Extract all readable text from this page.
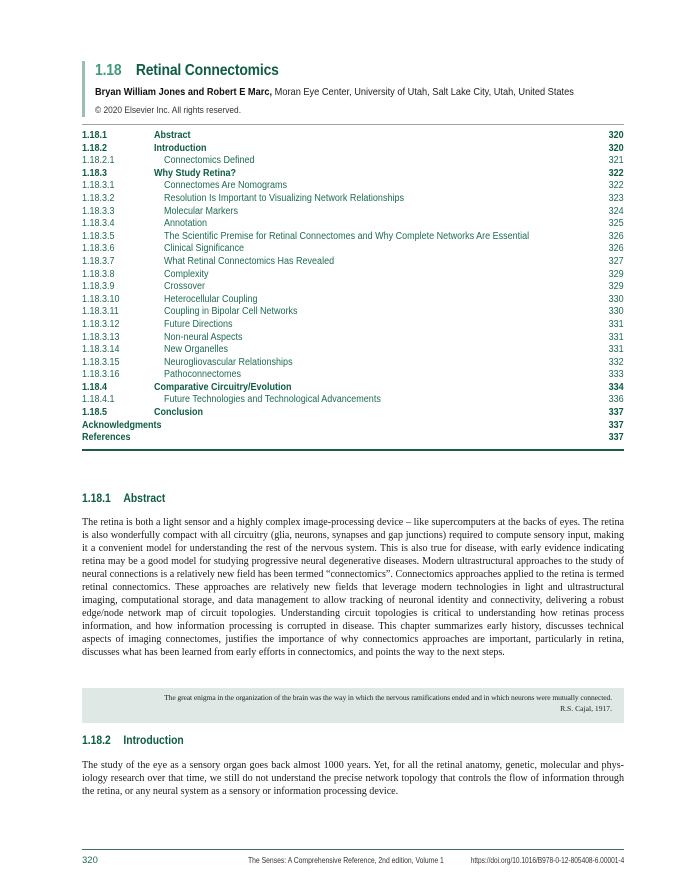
1.18 Retinal Connectomics
Bryan William Jones and Robert E Marc, Moran Eye Center, University of Utah, Salt Lake City, Utah, United States
© 2020 Elsevier Inc. All rights reserved.
1.18.1	Abstract	320
1.18.2	Introduction	320
1.18.2.1	Connectomics Defined	321
1.18.3	Why Study Retina?	322
1.18.3.1	Connectomes Are Nomograms	322
1.18.3.2	Resolution Is Important to Visualizing Network Relationships	323
1.18.3.3	Molecular Markers	324
1.18.3.4	Annotation	325
1.18.3.5	The Scientific Premise for Retinal Connectomes and Why Complete Networks Are Essential	326
1.18.3.6	Clinical Significance	326
1.18.3.7	What Retinal Connectomics Has Revealed	327
1.18.3.8	Complexity	329
1.18.3.9	Crossover	329
1.18.3.10	Heterocellular Coupling	330
1.18.3.11	Coupling in Bipolar Cell Networks	330
1.18.3.12	Future Directions	331
1.18.3.13	Non-neural Aspects	331
1.18.3.14	New Organelles	331
1.18.3.15	Neurogliovascular Relationships	332
1.18.3.16	Pathoconnectomes	333
1.18.4	Comparative Circuitry/Evolution	334
1.18.4.1	Future Technologies and Technological Advancements	336
1.18.5	Conclusion	337
Acknowledgments	337
References	337
1.18.1 Abstract
The retina is both a light sensor and a highly complex image-processing device – like supercomputers at the backs of eyes. The retina is also wonderfully compact with all circuitry (glia, neurons, synapses and gap junctions) required to compute sensory input, making it a convenient model for understanding the rest of the nervous system. This is also true for disease, with early evidence indicating retina may be a good model for studying progressive neural degenerative diseases. Modern ultrastructural approaches to the study of neural connections is a relatively new field has been termed “connectomics”. Connectomics approaches applied to the retina is termed retinal connectomics. These approaches are relatively new fields that leverage modern technologies in light and ultrastructural imaging, computational storage, and data management to allow tracking of neuronal identity and connectivity, delivering a robust edge/node network map of circuit topologies. Understanding circuit topologies is critical to understanding how retinas process information, and how information processing is corrupted in disease. This chapter summarizes early history, discusses technical aspects of imaging connectomes, justifies the importance of why connectomics approaches are important, particularly in retina, discusses what has been learned from early efforts in connectomics, and points the way to the next steps.
The great enigma in the organization of the brain was the way in which the nervous ramifications ended and in which neurons were mutually connected.
R.S. Cajal, 1917.
1.18.2 Introduction
The study of the eye as a sensory organ goes back almost 1000 years. Yet, for all the retinal anatomy, genetic, molecular and physiology research over that time, we still do not understand the precise network topology that controls the flow of information through the retina, or any neural system as a sensory or information processing device.
320	The Senses: A Comprehensive Reference, 2nd edition, Volume 1	https://doi.org/10.1016/B978-0-12-805408-6.00001-4
